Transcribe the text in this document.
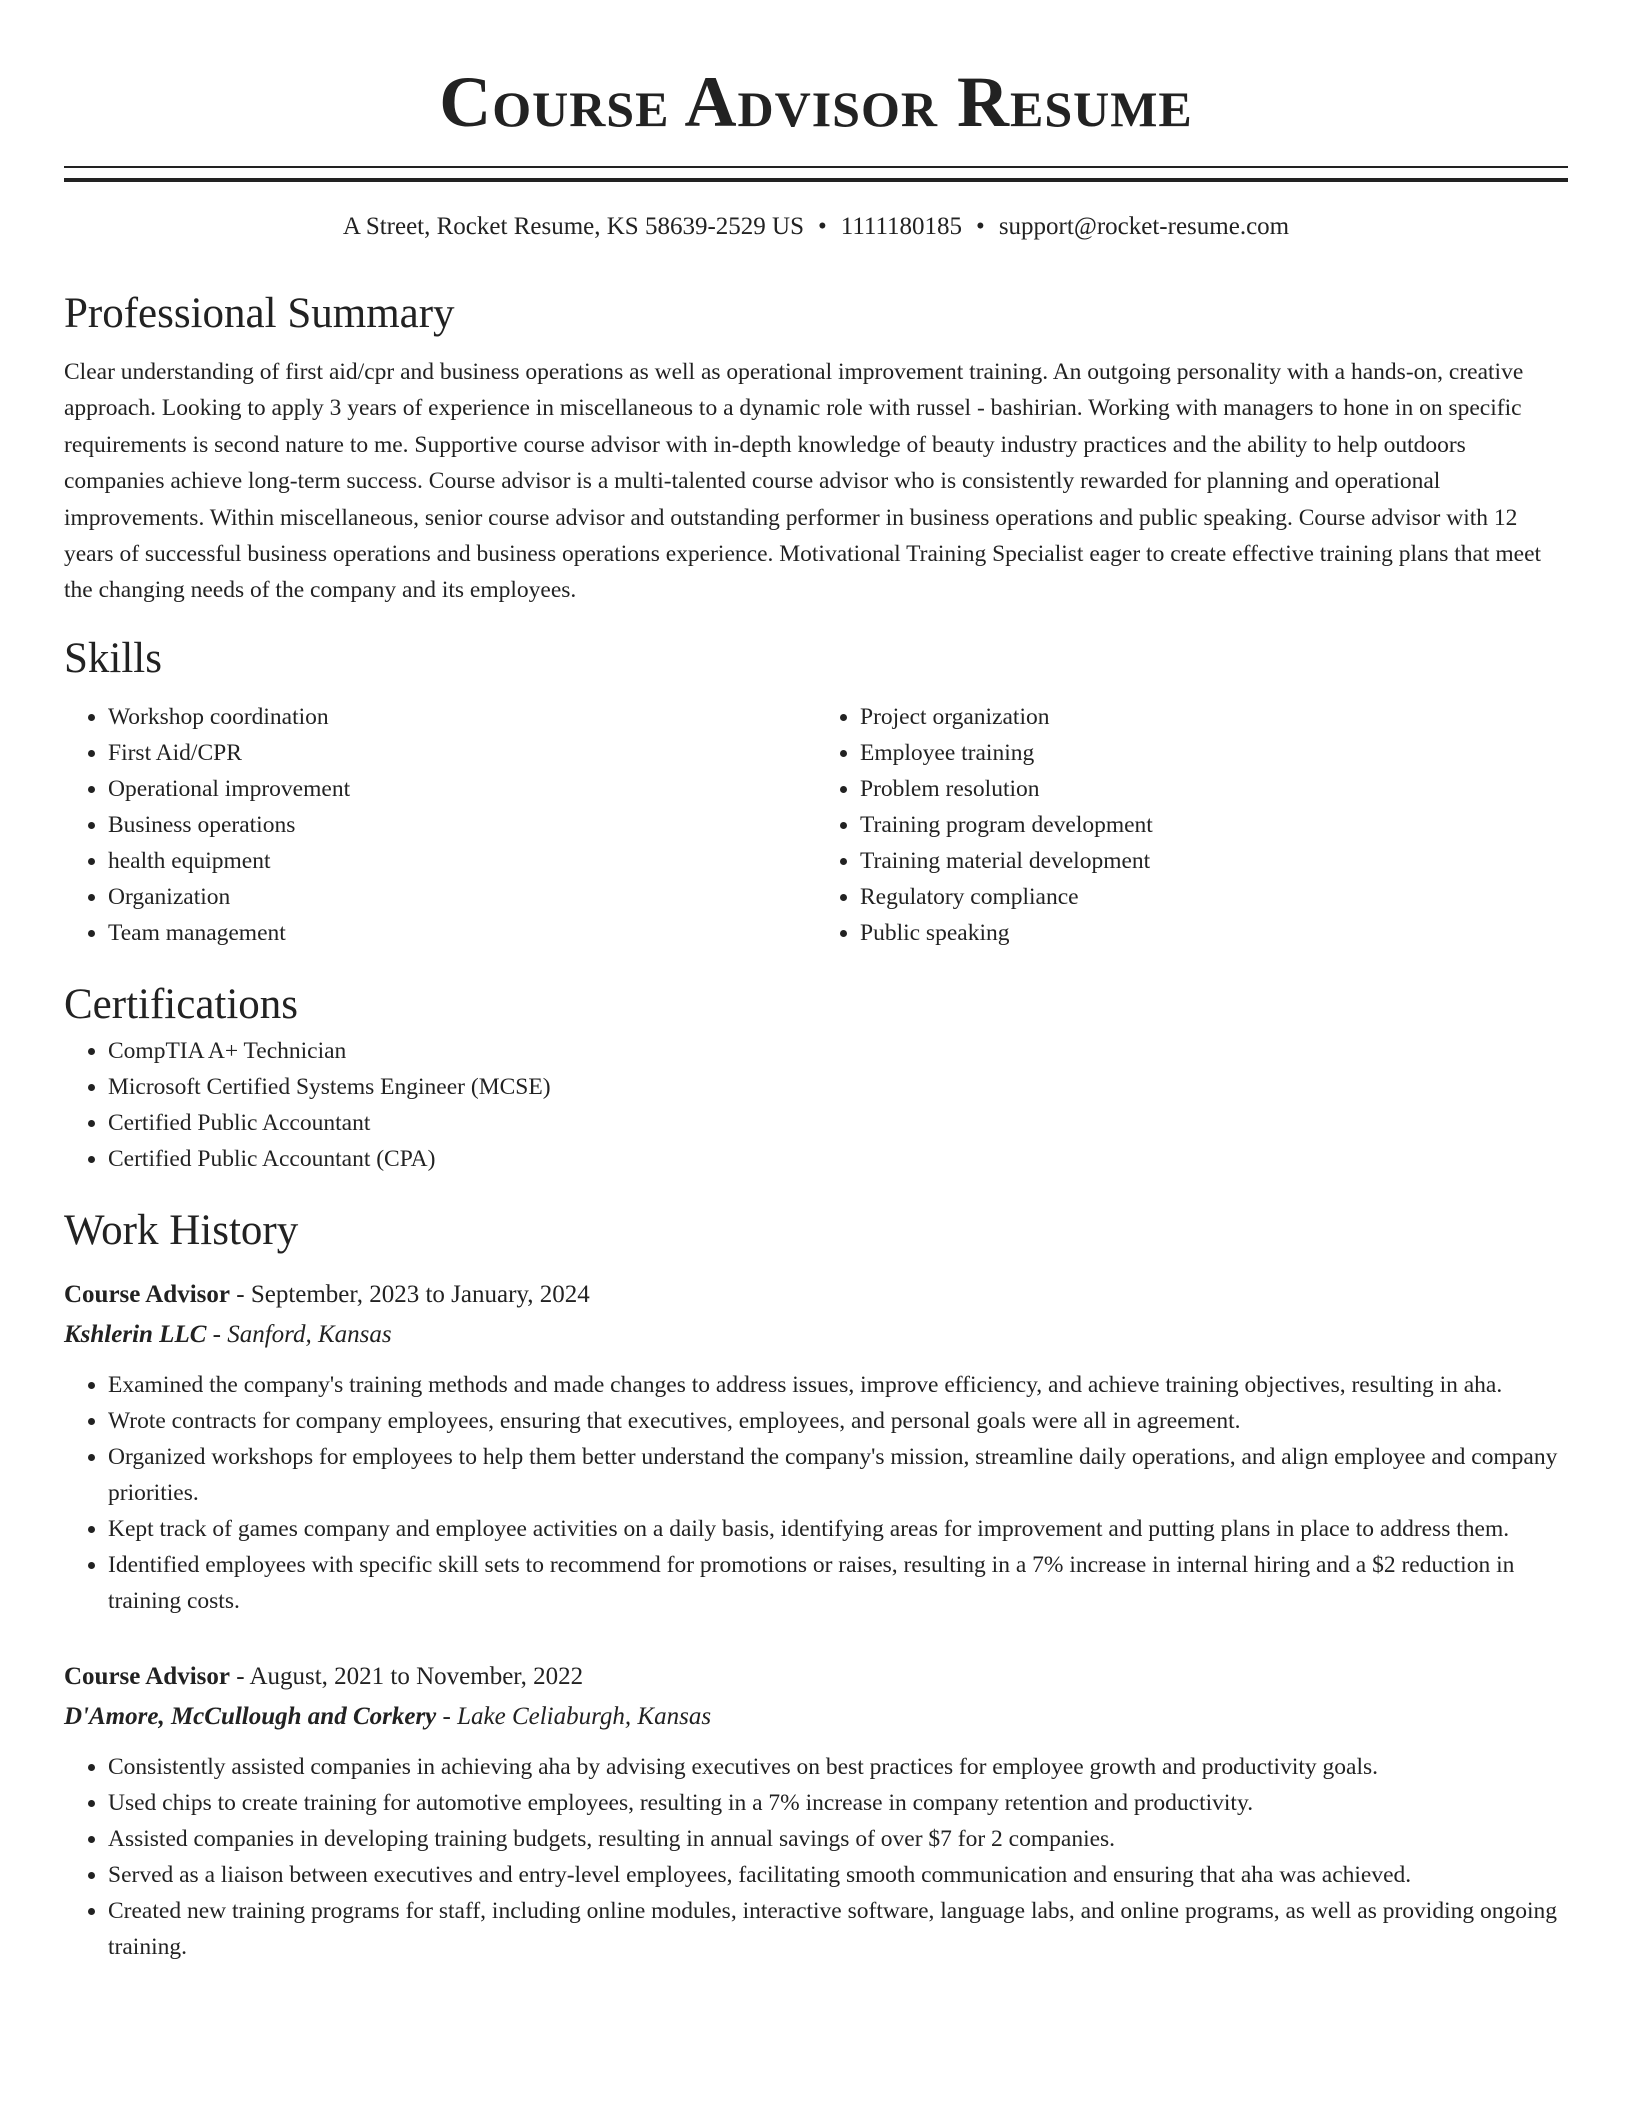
Course Advisor Resume
A Street, Rocket Resume, KS 58639-2529 US • 1111180185 • support@rocket-resume.com
Professional Summary

Clear understanding of first aid/cpr and business operations as well as operational improvement training. An outgoing personality with a hands-on, creative approach. Looking to apply 3 years of experience in miscellaneous to a dynamic role with russel - bashirian. Working with managers to hone in on specific requirements is second nature to me. Supportive course advisor with in-depth knowledge of beauty industry practices and the ability to help outdoors companies achieve long-term success. Course advisor is a multi-talented course advisor who is consistently rewarded for planning and operational improvements. Within miscellaneous, senior course advisor and outstanding performer in business operations and public speaking. Course advisor with 12 years of successful business operations and business operations experience. Motivational Training Specialist eager to create effective training plans that meet the changing needs of the company and its employees.

Skills
• Workshop coordination
• First Aid/CPR
• Operational improvement
• Business operations
• health equipment
• Organization
• Team management
• Project organization
• Employee training
• Problem resolution
• Training program development
• Training material development
• Regulatory compliance
• Public speaking
Certifications
• CompTIA A+ Technician
• Microsoft Certified Systems Engineer (MCSE)
• Certified Public Accountant
• Certified Public Accountant (CPA)
Work History
Course Advisor - September, 2023 to January, 2024
Kshlerin LLC - Sanford, Kansas
• Examined the company's training methods and made changes to address issues, improve efficiency, and achieve training objectives, resulting in aha.
• Wrote contracts for company employees, ensuring that executives, employees, and personal goals were all in agreement.
• Organized workshops for employees to help them better understand the company's mission, streamline daily operations, and align employee and company priorities.
• Kept track of games company and employee activities on a daily basis, identifying areas for improvement and putting plans in place to address them.
• Identified employees with specific skill sets to recommend for promotions or raises, resulting in a 7% increase in internal hiring and a $2 reduction in training costs.
Course Advisor - August, 2021 to November, 2022
D'Amore, McCullough and Corkery - Lake Celiaburgh, Kansas
• Consistently assisted companies in achieving aha by advising executives on best practices for employee growth and productivity goals.
• Used chips to create training for automotive employees, resulting in a 7% increase in company retention and productivity.
• Assisted companies in developing training budgets, resulting in annual savings of over $7 for 2 companies.
• Served as a liaison between executives and entry-level employees, facilitating smooth communication and ensuring that aha was achieved.
• Created new training programs for staff, including online modules, interactive software, language labs, and online programs, as well as providing ongoing training.
